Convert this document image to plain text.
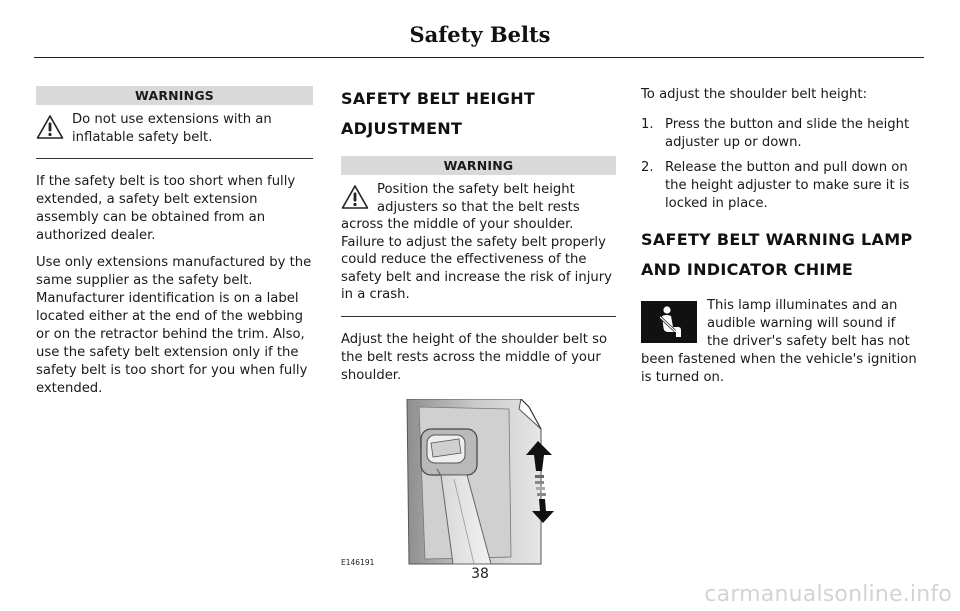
Safety Belts
WARNINGS
Do not use extensions with an inflatable safety belt.

If the safety belt is too short when fully extended, a safety belt extension assembly can be obtained from an authorized dealer.

Use only extensions manufactured by the same supplier as the safety belt. Manufacturer identification is on a label located either at the end of the webbing or on the retractor behind the trim. Also, use the safety belt extension only if the safety belt is too short for you when fully extended.

SAFETY BELT HEIGHT
ADJUSTMENT
WARNING
Position the safety belt height adjusters so that the belt rests across the middle of your shoulder. Failure to adjust the safety belt properly could reduce the effectiveness of the safety belt and increase the risk of injury in a crash.

Adjust the height of the shoulder belt so the belt rests across the middle of your shoulder.

E146191

To adjust the shoulder belt height:

1. Press the button and slide the height adjuster up or down.
2. Release the button and pull down on the height adjuster to make sure it is locked in place.
SAFETY BELT WARNING LAMP
AND INDICATOR CHIME
This lamp illuminates and an audible warning will sound if the driver's safety belt has not been fastened when the vehicle's ignition is turned on.
38
carmanualsonline.info
